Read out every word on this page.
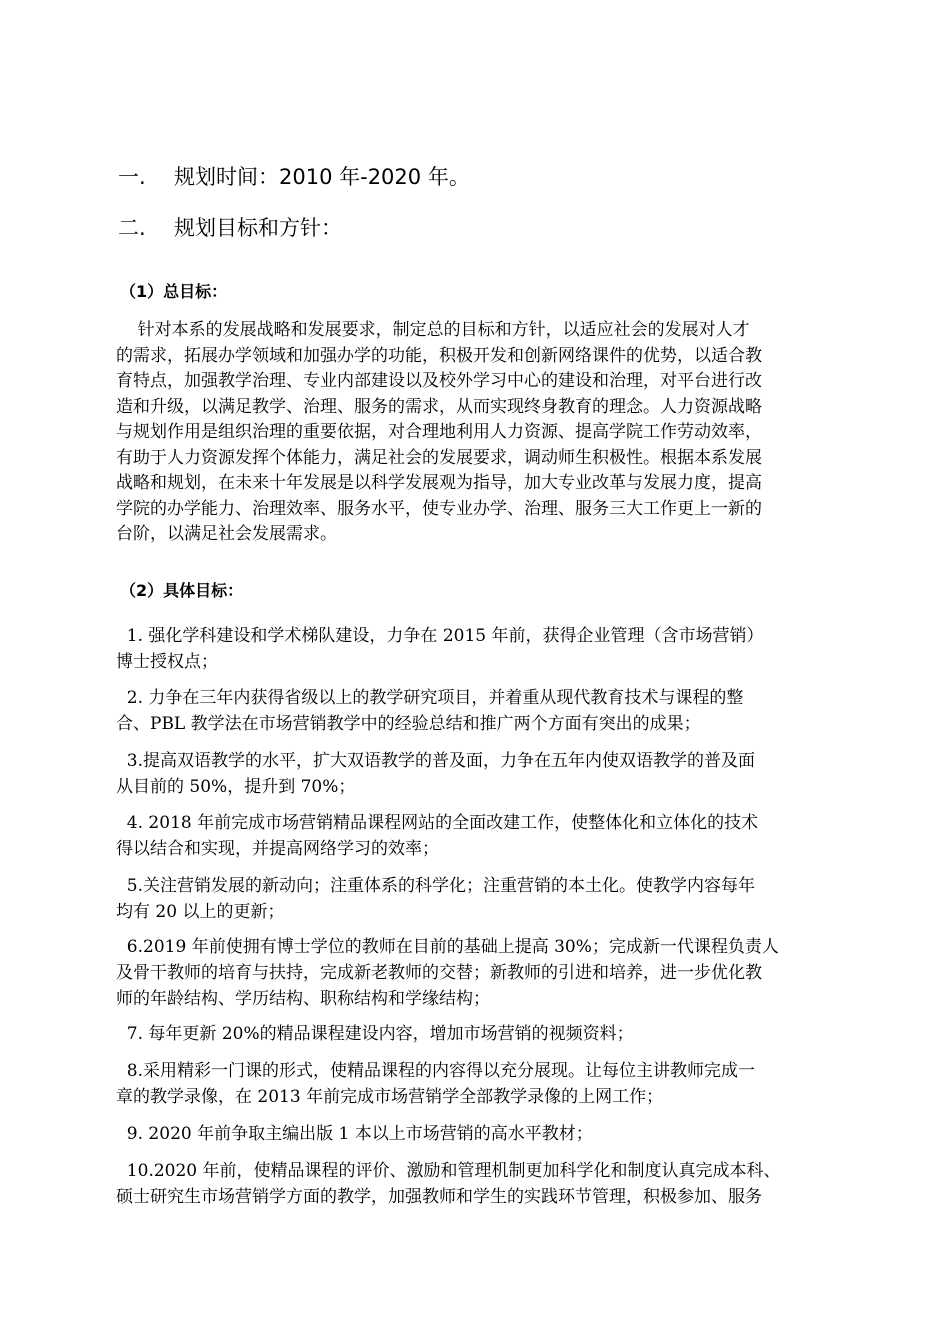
一. 规划时间：2010 年-2020 年。
二. 规划目标和方针：
（1）总目标：
针对本系的发展战略和发展要求，制定总的目标和方针，以适应社会的发展对人才
的需求，拓展办学领域和加强办学的功能，积极开发和创新网络课件的优势，以适合教
育特点，加强教学治理、专业内部建设以及校外学习中心的建设和治理，对平台进行改
造和升级，以满足教学、治理、服务的需求，从而实现终身教育的理念。人力资源战略
与规划作用是组织治理的重要依据，对合理地利用人力资源、提高学院工作劳动效率，
有助于人力资源发挥个体能力，满足社会的发展要求，调动师生积极性。根据本系发展
战略和规划，在未来十年发展是以科学发展观为指导，加大专业改革与发展力度，提高
学院的办学能力、治理效率、服务水平，使专业办学、治理、服务三大工作更上一新的
台阶，以满足社会发展需求。
（2）具体目标：
1. 强化学科建设和学术梯队建设，力争在 2015 年前，获得企业管理（含市场营销）
博士授权点；
2. 力争在三年内获得省级以上的教学研究项目，并着重从现代教育技术与课程的整
合、PBL 教学法在市场营销教学中的经验总结和推广两个方面有突出的成果；
3.提高双语教学的水平，扩大双语教学的普及面，力争在五年内使双语教学的普及面
从目前的 50%，提升到 70%；
4. 2018 年前完成市场营销精品课程网站的全面改建工作，使整体化和立体化的技术
得以结合和实现，并提高网络学习的效率；
5.关注营销发展的新动向；注重体系的科学化；注重营销的本土化。使教学内容每年
均有 20 以上的更新；
6.2019 年前使拥有博士学位的教师在目前的基础上提高 30%；完成新一代课程负责人
及骨干教师的培育与扶持，完成新老教师的交替；新教师的引进和培养，进一步优化教
师的年龄结构、学历结构、职称结构和学缘结构；
7. 每年更新 20%的精品课程建设内容，增加市场营销的视频资料；
8.采用精彩一门课的形式，使精品课程的内容得以充分展现。让每位主讲教师完成一
章的教学录像，在 2013 年前完成市场营销学全部教学录像的上网工作；
9. 2020 年前争取主编出版 1 本以上市场营销的高水平教材；
10.2020 年前，使精品课程的评价、激励和管理机制更加科学化和制度认真完成本科、
硕士研究生市场营销学方面的教学，加强教师和学生的实践环节管理，积极参加、服务
